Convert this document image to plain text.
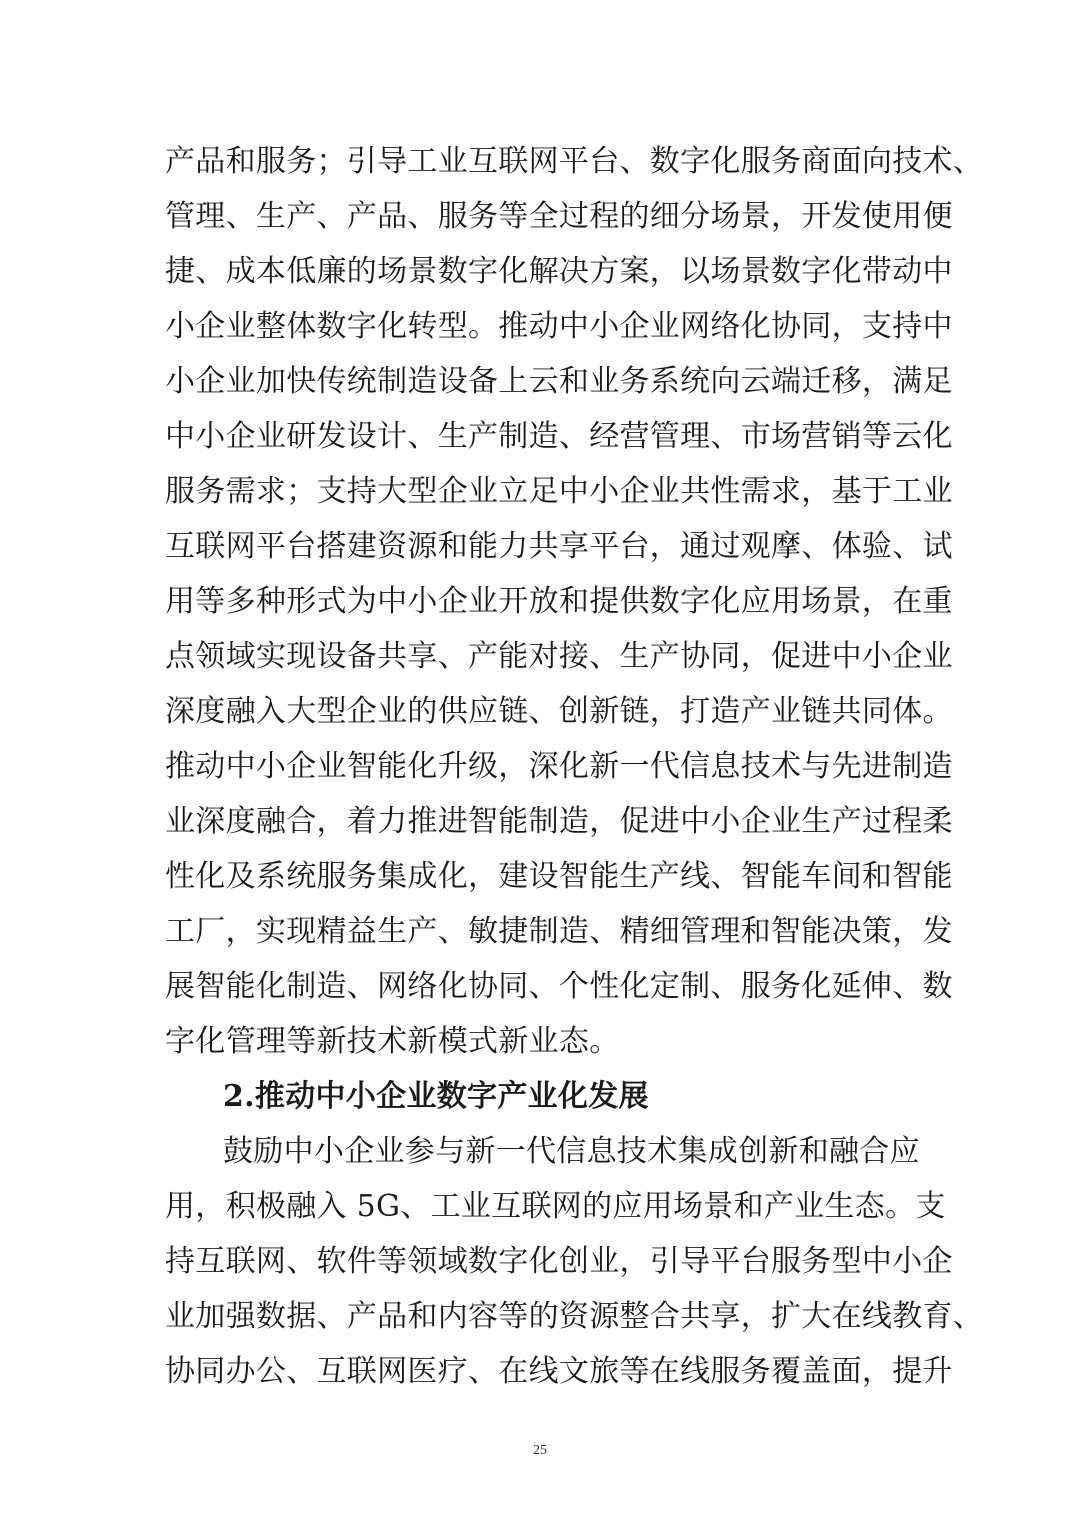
产品和服务；引导工业互联网平台、数字化服务商面向技术、
管理、生产、产品、服务等全过程的细分场景，开发使用便
捷、成本低廉的场景数字化解决方案，以场景数字化带动中
小企业整体数字化转型。推动中小企业网络化协同，支持中
小企业加快传统制造设备上云和业务系统向云端迁移，满足
中小企业研发设计、生产制造、经营管理、市场营销等云化
服务需求；支持大型企业立足中小企业共性需求，基于工业
互联网平台搭建资源和能力共享平台，通过观摩、体验、试
用等多种形式为中小企业开放和提供数字化应用场景，在重
点领域实现设备共享、产能对接、生产协同，促进中小企业
深度融入大型企业的供应链、创新链，打造产业链共同体。
推动中小企业智能化升级，深化新一代信息技术与先进制造
业深度融合，着力推进智能制造，促进中小企业生产过程柔
性化及系统服务集成化，建设智能生产线、智能车间和智能
工厂，实现精益生产、敏捷制造、精细管理和智能决策，发
展智能化制造、网络化协同、个性化定制、服务化延伸、数
字化管理等新技术新模式新业态。
2.推动中小企业数字产业化发展
鼓励中小企业参与新一代信息技术集成创新和融合应
用，积极融入 5G、工业互联网的应用场景和产业生态。支
持互联网、软件等领域数字化创业，引导平台服务型中小企
业加强数据、产品和内容等的资源整合共享，扩大在线教育、
协同办公、互联网医疗、在线文旅等在线服务覆盖面，提升
25
